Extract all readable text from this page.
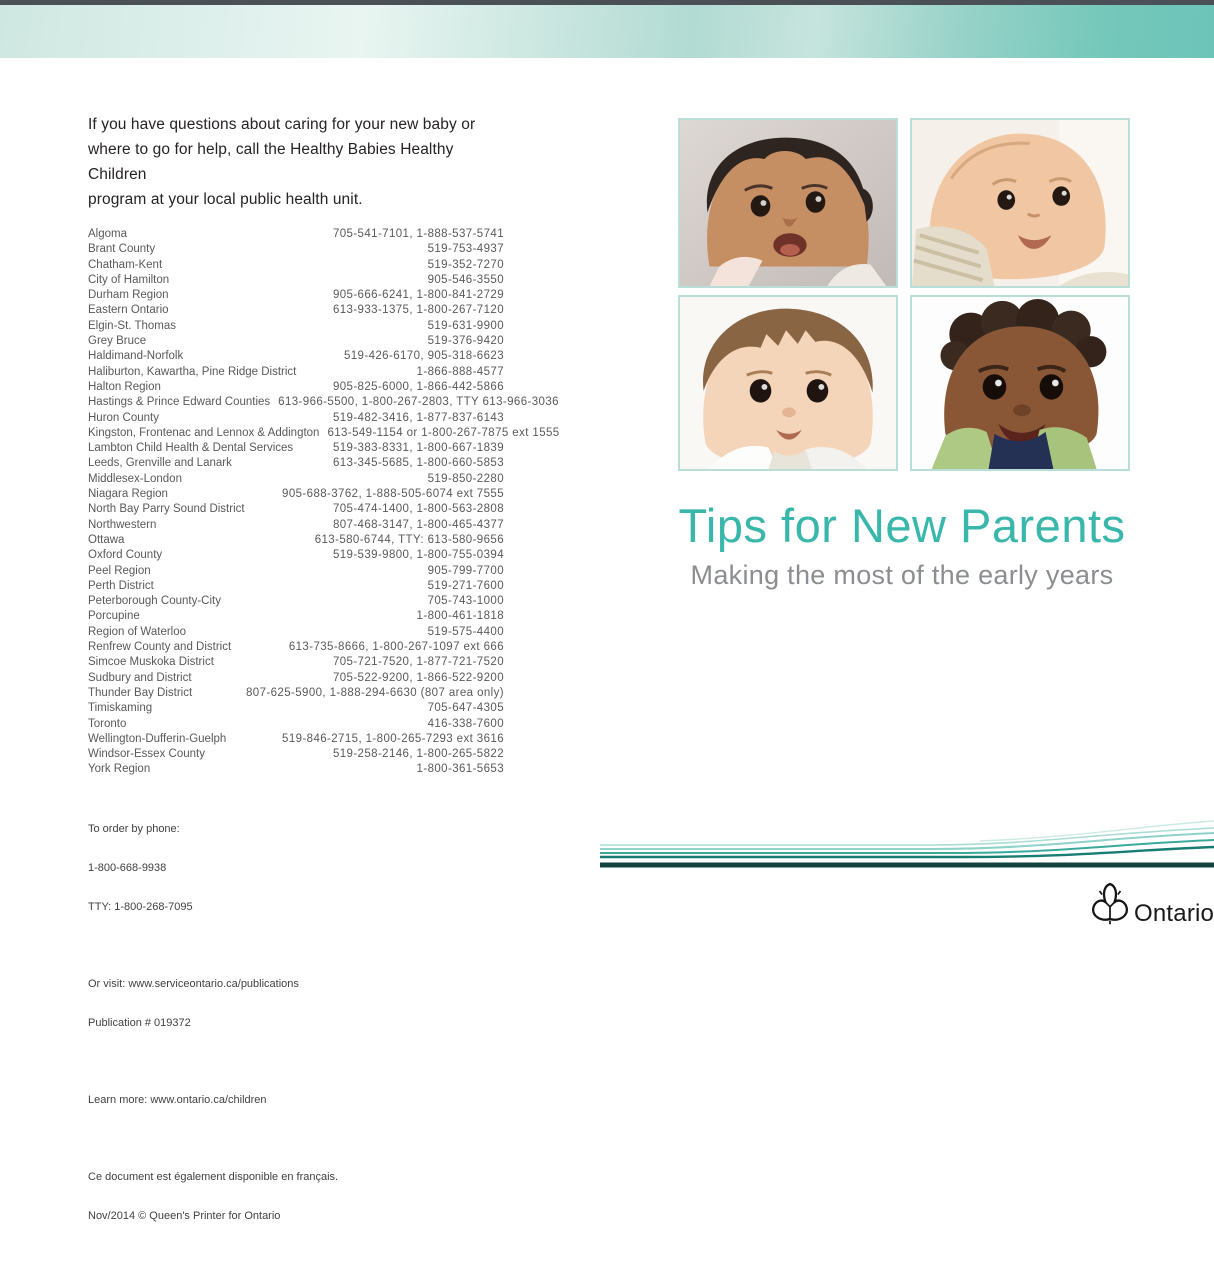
If you have questions about caring for your new baby or
where to go for help, call the Healthy Babies Healthy Children
program at your local public health unit.
Algoma	705-541-7101, 1-888-537-5741
Brant County	519-753-4937
Chatham-Kent	519-352-7270
City of Hamilton	905-546-3550
Durham Region	905-666-6241, 1-800-841-2729
Eastern Ontario	613-933-1375, 1-800-267-7120
Elgin-St. Thomas	519-631-9900
Grey Bruce	519-376-9420
Haldimand-Norfolk	519-426-6170, 905-318-6623
Haliburton, Kawartha, Pine Ridge District	1-866-888-4577
Halton Region	905-825-6000, 1-866-442-5866
Hastings & Prince Edward Counties 613-966-5500, 1-800-267-2803, TTY 613-966-3036
Huron County	519-482-3416, 1-877-837-6143
Kingston, Frontenac and Lennox & Addington 613-549-1154 or 1-800-267-7875 ext 1555
Lambton Child Health & Dental Services	519-383-8331, 1-800-667-1839
Leeds, Grenville and Lanark	613-345-5685, 1-800-660-5853
Middlesex-London	519-850-2280
Niagara Region	905-688-3762, 1-888-505-6074 ext 7555
North Bay Parry Sound District	705-474-1400, 1-800-563-2808
Northwestern	807-468-3147, 1-800-465-4377
Ottawa	613-580-6744, TTY: 613-580-9656
Oxford County	519-539-9800, 1-800-755-0394
Peel Region	905-799-7700
Perth District	519-271-7600
Peterborough County-City	705-743-1000
Porcupine	1-800-461-1818
Region of Waterloo	519-575-4400
Renfrew County and District	613-735-8666, 1-800-267-1097 ext 666
Simcoe Muskoka District	705-721-7520, 1-877-721-7520
Sudbury and District	705-522-9200, 1-866-522-9200
Thunder Bay District	807-625-5900, 1-888-294-6630 (807 area only)
Timiskaming	705-647-4305
Toronto	416-338-7600
Wellington-Dufferin-Guelph	519-846-2715, 1-800-265-7293 ext 3616
Windsor-Essex County	519-258-2146, 1-800-265-5822
York Region	1-800-361-5653

To order by phone:

1-800-668-9938

TTY: 1-800-268-7095

Or visit: www.serviceontario.ca/publications

Publication # 019372

Learn more: www.ontario.ca/children

Ce document est également disponible en français.

Nov/2014 © Queen's Printer for Ontario

Tips for New Parents
Making the most of the early years
Ontario
